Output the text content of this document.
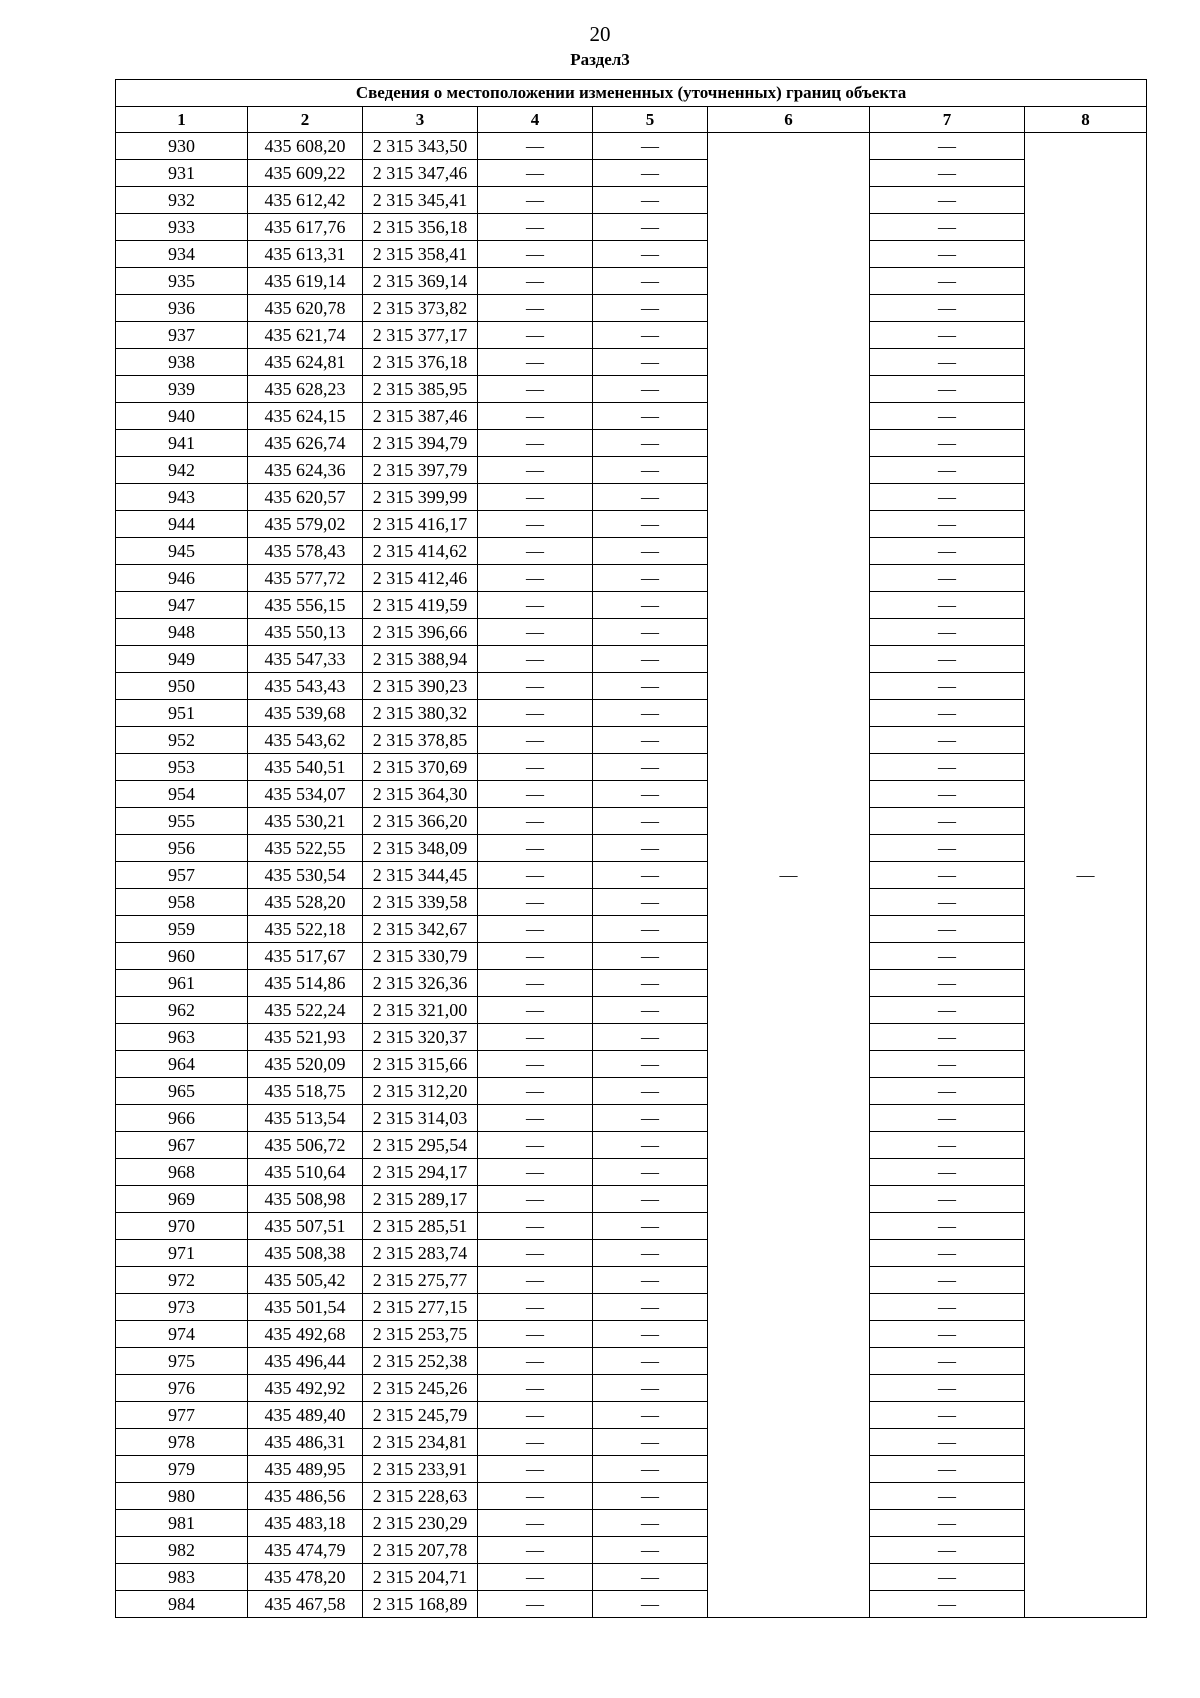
20
Раздел3
Сведения о местоположении измененных (уточненных) границ объекта							
1	2	3	4	5	6	7	8
930	435 608,20	2 315 343,50	—	—	—	—	—
931	435 609,22	2 315 347,46	—	—		—	
932	435 612,42	2 315 345,41	—	—		—	
933	435 617,76	2 315 356,18	—	—		—	
934	435 613,31	2 315 358,41	—	—		—	
935	435 619,14	2 315 369,14	—	—		—	
936	435 620,78	2 315 373,82	—	—		—	
937	435 621,74	2 315 377,17	—	—		—	
938	435 624,81	2 315 376,18	—	—		—	
939	435 628,23	2 315 385,95	—	—		—	
940	435 624,15	2 315 387,46	—	—		—	
941	435 626,74	2 315 394,79	—	—		—	
942	435 624,36	2 315 397,79	—	—		—	
943	435 620,57	2 315 399,99	—	—		—	
944	435 579,02	2 315 416,17	—	—		—	
945	435 578,43	2 315 414,62	—	—		—	
946	435 577,72	2 315 412,46	—	—		—	
947	435 556,15	2 315 419,59	—	—		—	
948	435 550,13	2 315 396,66	—	—		—	
949	435 547,33	2 315 388,94	—	—		—	
950	435 543,43	2 315 390,23	—	—		—	
951	435 539,68	2 315 380,32	—	—		—	
952	435 543,62	2 315 378,85	—	—		—	
953	435 540,51	2 315 370,69	—	—		—	
954	435 534,07	2 315 364,30	—	—		—	
955	435 530,21	2 315 366,20	—	—		—	
956	435 522,55	2 315 348,09	—	—		—	
957	435 530,54	2 315 344,45	—	—		—	
958	435 528,20	2 315 339,58	—	—		—	
959	435 522,18	2 315 342,67	—	—		—	
960	435 517,67	2 315 330,79	—	—		—	
961	435 514,86	2 315 326,36	—	—		—	
962	435 522,24	2 315 321,00	—	—		—	
963	435 521,93	2 315 320,37	—	—		—	
964	435 520,09	2 315 315,66	—	—		—	
965	435 518,75	2 315 312,20	—	—		—	
966	435 513,54	2 315 314,03	—	—		—	
967	435 506,72	2 315 295,54	—	—		—	
968	435 510,64	2 315 294,17	—	—		—	
969	435 508,98	2 315 289,17	—	—		—	
970	435 507,51	2 315 285,51	—	—		—	
971	435 508,38	2 315 283,74	—	—		—	
972	435 505,42	2 315 275,77	—	—		—	
973	435 501,54	2 315 277,15	—	—		—	
974	435 492,68	2 315 253,75	—	—		—	
975	435 496,44	2 315 252,38	—	—		—	
976	435 492,92	2 315 245,26	—	—		—	
977	435 489,40	2 315 245,79	—	—		—	
978	435 486,31	2 315 234,81	—	—		—	
979	435 489,95	2 315 233,91	—	—		—	
980	435 486,56	2 315 228,63	—	—		—	
981	435 483,18	2 315 230,29	—	—		—	
982	435 474,79	2 315 207,78	—	—		—	
983	435 478,20	2 315 204,71	—	—		—	
984	435 467,58	2 315 168,89	—	—		—	
